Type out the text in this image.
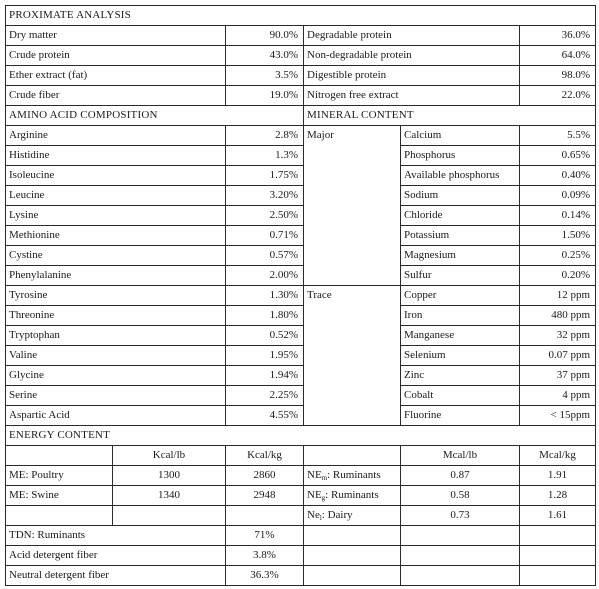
PROXIMATE ANALYSIS					
Dry matter		90.0%	Degradable protein		36.0%
Crude protein		43.0%	Non-degradable protein		64.0%
Ether extract (fat)		3.5%	Digestible protein		98.0%
Crude fiber		19.0%	Nitrogen free extract		22.0%
AMINO ACID COMPOSITION			MINERAL CONTENT		
Arginine		2.8%	Major	Calcium	5.5%
Histidine		1.3%		Phosphorus	0.65%
Isoleucine		1.75%		Available phosphorus	0.40%
Leucine		3.20%		Sodium	0.09%
Lysine		2.50%		Chloride	0.14%
Methionine		0.71%		Potassium	1.50%
Cystine		0.57%		Magnesium	0.25%
Phenylalanine		2.00%		Sulfur	0.20%
Tyrosine		1.30%	Trace	Copper	12 ppm
Threonine		1.80%		Iron	480 ppm
Tryptophan		0.52%		Manganese	32 ppm
Valine		1.95%		Selenium	0.07 ppm
Glycine		1.94%		Zinc	37 ppm
Serine		2.25%		Cobalt	4 ppm
Aspartic Acid		4.55%		Fluorine	< 15ppm
ENERGY CONTENT					
	Kcal/lb	Kcal/kg		Mcal/lb	Mcal/kg
ME: Poultry	1300	2860	$NE_m$: Ruminants	0.87	1.91
ME: Swine	1340	2948	$NE_g$: Ruminants	0.58	1.28
			$Ne_l$: Dairy	0.73	1.61
TDN: Ruminants		71%			
Acid detergent fiber		3.8%			
Neutral detergent fiber		36.3%			
